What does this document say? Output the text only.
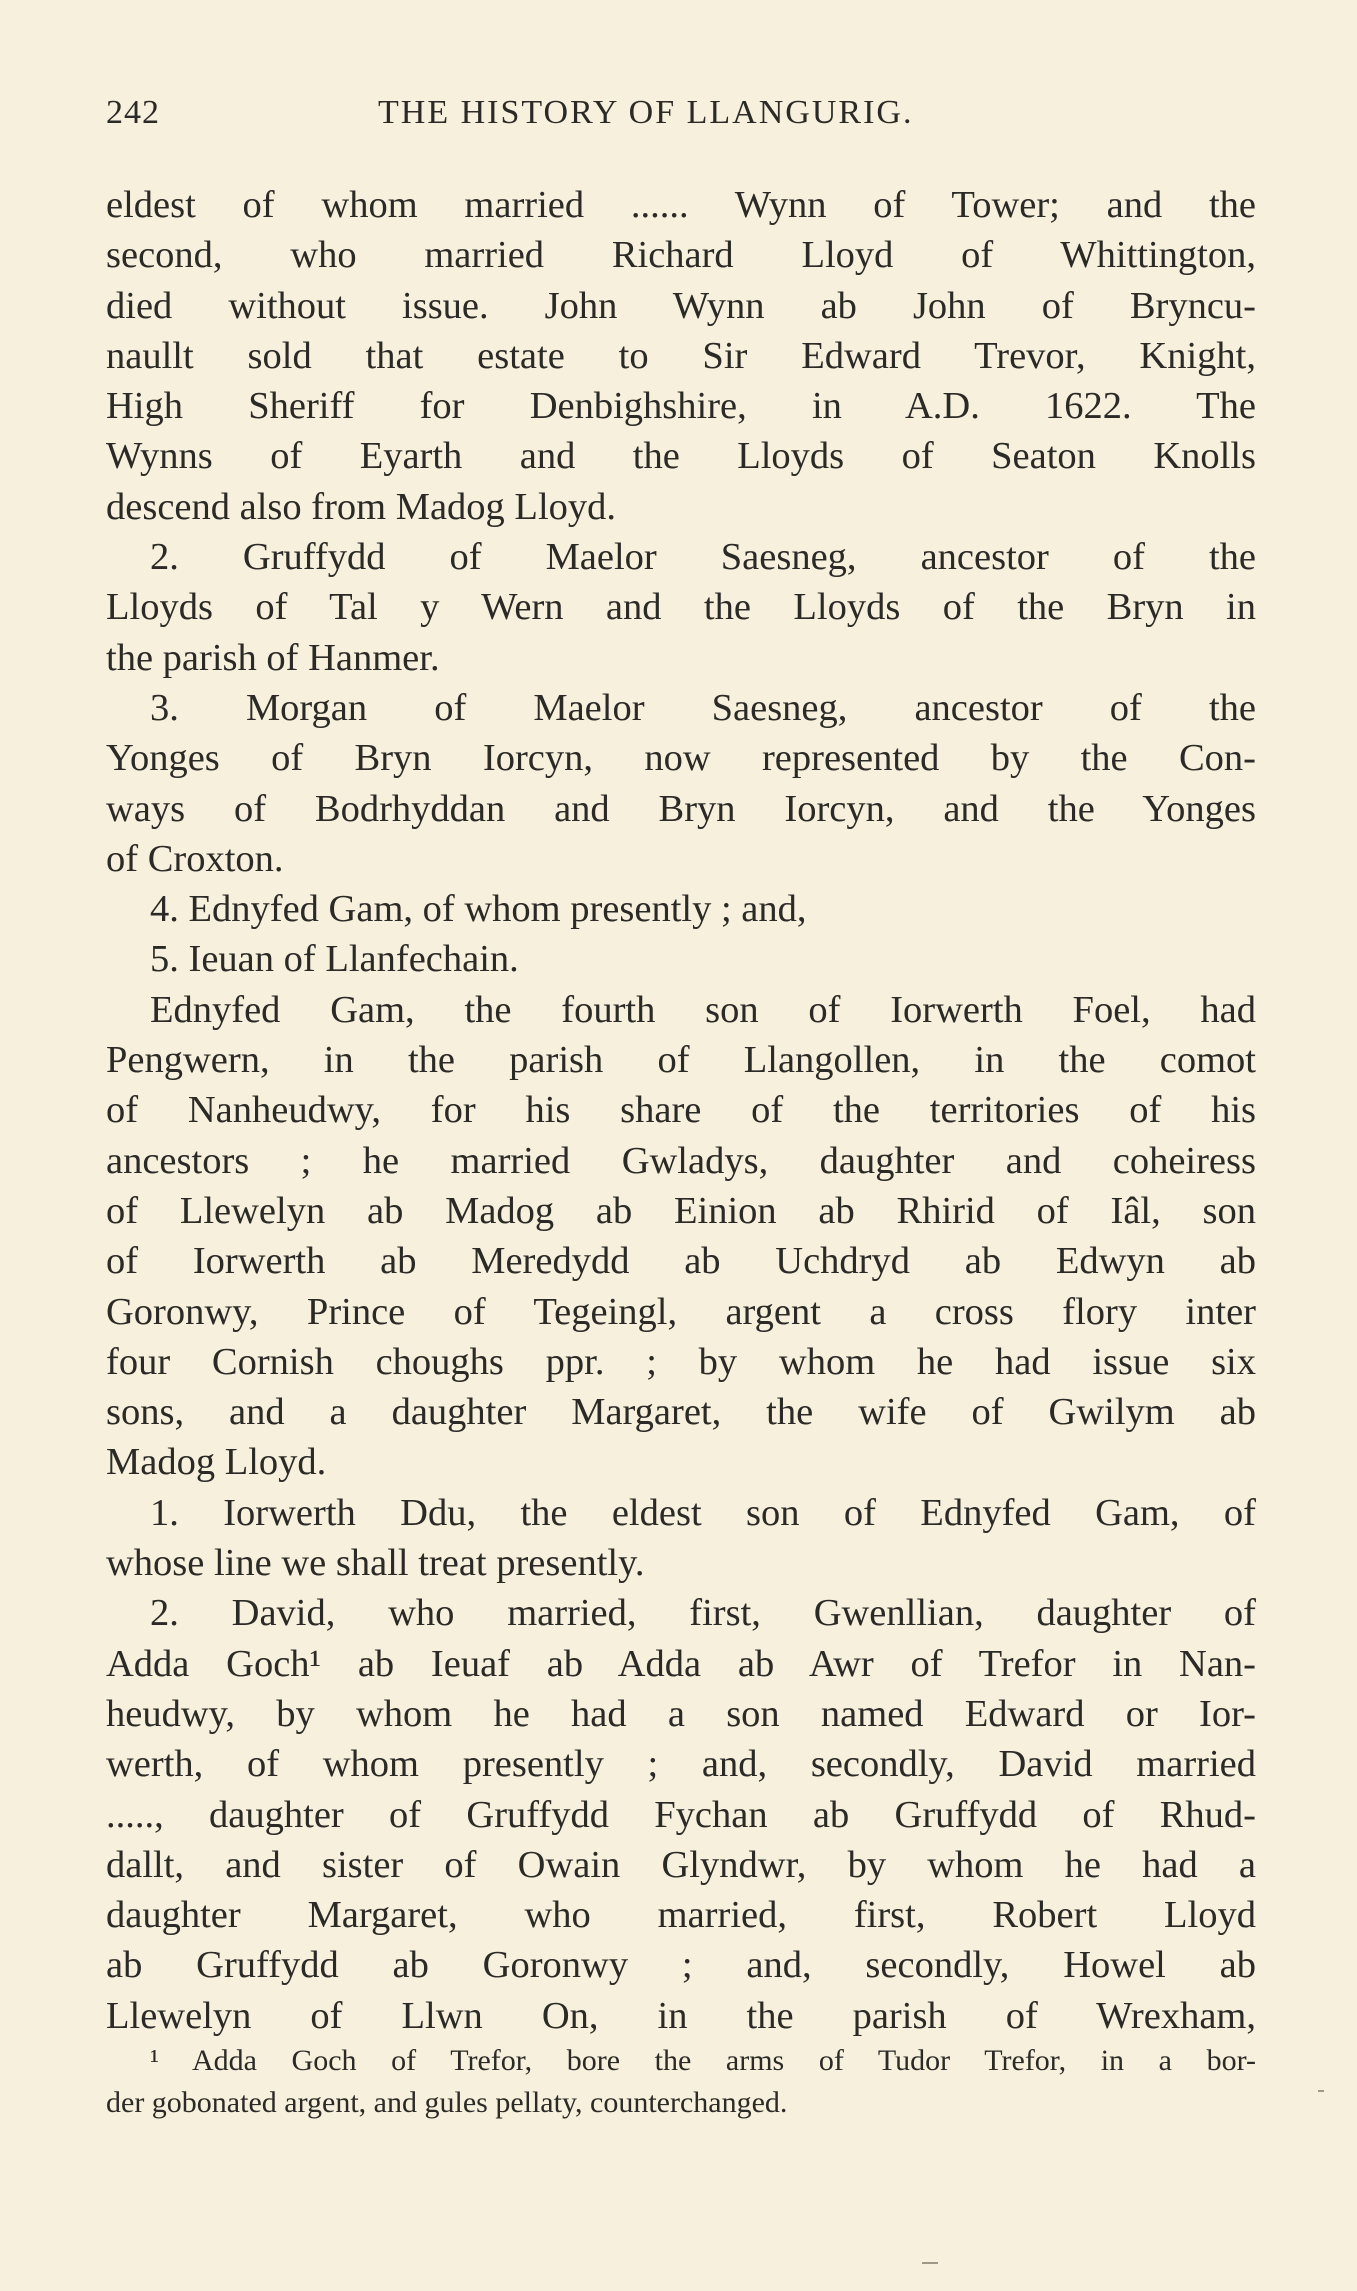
242	THE HISTORY OF LLANGURIG.
eldest of whom married ...... Wynn of Tower; and the
second, who married Richard Lloyd of Whittington,
died without issue. John Wynn ab John of Bryncu-
naullt sold that estate to Sir Edward Trevor, Knight,
High Sheriff for Denbighshire, in A.D. 1622. The
Wynns of Eyarth and the Lloyds of Seaton Knolls
descend also from Madog Lloyd.
2. Gruffydd of Maelor Saesneg, ancestor of the
Lloyds of Tal y Wern and the Lloyds of the Bryn in
the parish of Hanmer.
3. Morgan of Maelor Saesneg, ancestor of the
Yonges of Bryn Iorcyn, now represented by the Con-
ways of Bodrhyddan and Bryn Iorcyn, and the Yonges
of Croxton.
4. Ednyfed Gam, of whom presently ; and,
5. Ieuan of Llanfechain.
Ednyfed Gam, the fourth son of Iorwerth Foel, had
Pengwern, in the parish of Llangollen, in the comot
of Nanheudwy, for his share of the territories of his
ancestors ; he married Gwladys, daughter and coheiress
of Llewelyn ab Madog ab Einion ab Rhirid of Iâl, son
of Iorwerth ab Meredydd ab Uchdryd ab Edwyn ab
Goronwy, Prince of Tegeingl, argent a cross flory inter
four Cornish choughs ppr. ; by whom he had issue six
sons, and a daughter Margaret, the wife of Gwilym ab
Madog Lloyd.
1. Iorwerth Ddu, the eldest son of Ednyfed Gam, of
whose line we shall treat presently.
2. David, who married, first, Gwenllian, daughter of
Adda Goch¹ ab Ieuaf ab Adda ab Awr of Trefor in Nan-
heudwy, by whom he had a son named Edward or Ior-
werth, of whom presently ; and, secondly, David married
....., daughter of Gruffydd Fychan ab Gruffydd of Rhud-
dallt, and sister of Owain Glyndwr, by whom he had a
daughter Margaret, who married, first, Robert Lloyd
ab Gruffydd ab Goronwy ; and, secondly, Howel ab
Llewelyn of Llwn On, in the parish of Wrexham,
¹ Adda Goch of Trefor, bore the arms of Tudor Trefor, in a bor-
der gobonated argent, and gules pellaty, counterchanged.
